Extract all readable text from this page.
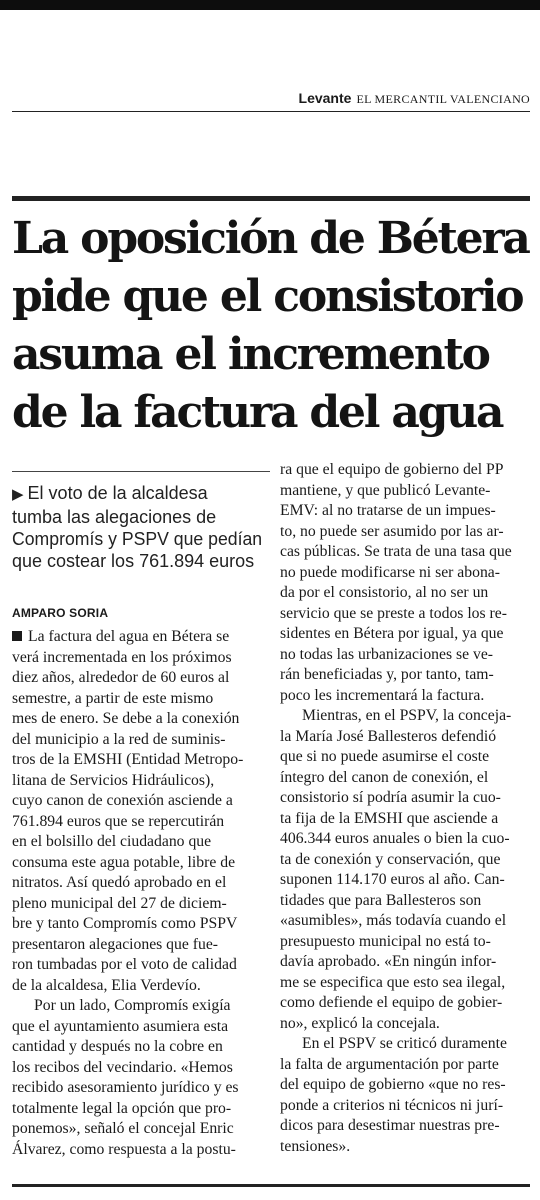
Levante EL MERCANTIL VALENCIANO
La oposición de Bétera
pide que el consistorio
asuma el incremento
de la factura del agua
▶ El voto de la alcaldesa
tumba las alegaciones de
Compromís y PSPV que pedían
que costear los 761.894 euros
AMPARO SORIA
La factura del agua en Bétera se
verá incrementada en los próximos
diez años, alrededor de 60 euros al
semestre, a partir de este mismo
mes de enero. Se debe a la conexión
del municipio a la red de suminis-
tros de la EMSHI (Entidad Metropo-
litana de Servicios Hidráulicos),
cuyo canon de conexión asciende a
761.894 euros que se repercutirán
en el bolsillo del ciudadano que
consuma este agua potable, libre de
nitratos. Así quedó aprobado en el
pleno municipal del 27 de diciem-
bre y tanto Compromís como PSPV
presentaron alegaciones que fue-
ron tumbadas por el voto de calidad
de la alcaldesa, Elia Verdevío.
Por un lado, Compromís exigía
que el ayuntamiento asumiera esta
cantidad y después no la cobre en
los recibos del vecindario. «Hemos
recibido asesoramiento jurídico y es
totalmente legal la opción que pro-
ponemos», señaló el concejal Enric
Álvarez, como respuesta a la postu-
ra que el equipo de gobierno del PP
mantiene, y que publicó Levante-
EMV: al no tratarse de un impues-
to, no puede ser asumido por las ar-
cas públicas. Se trata de una tasa que
no puede modificarse ni ser abona-
da por el consistorio, al no ser un
servicio que se preste a todos los re-
sidentes en Bétera por igual, ya que
no todas las urbanizaciones se ve-
rán beneficiadas y, por tanto, tam-
poco les incrementará la factura.
Mientras, en el PSPV, la conceja-
la María José Ballesteros defendió
que si no puede asumirse el coste
íntegro del canon de conexión, el
consistorio sí podría asumir la cuo-
ta fija de la EMSHI que asciende a
406.344 euros anuales o bien la cuo-
ta de conexión y conservación, que
suponen 114.170 euros al año. Can-
tidades que para Ballesteros son
«asumibles», más todavía cuando el
presupuesto municipal no está to-
davía aprobado. «En ningún infor-
me se especifica que esto sea ilegal,
como defiende el equipo de gobier-
no», explicó la concejala.
En el PSPV se criticó duramente
la falta de argumentación por parte
del equipo de gobierno «que no res-
ponde a criterios ni técnicos ni jurí-
dicos para desestimar nuestras pre-
tensiones».
